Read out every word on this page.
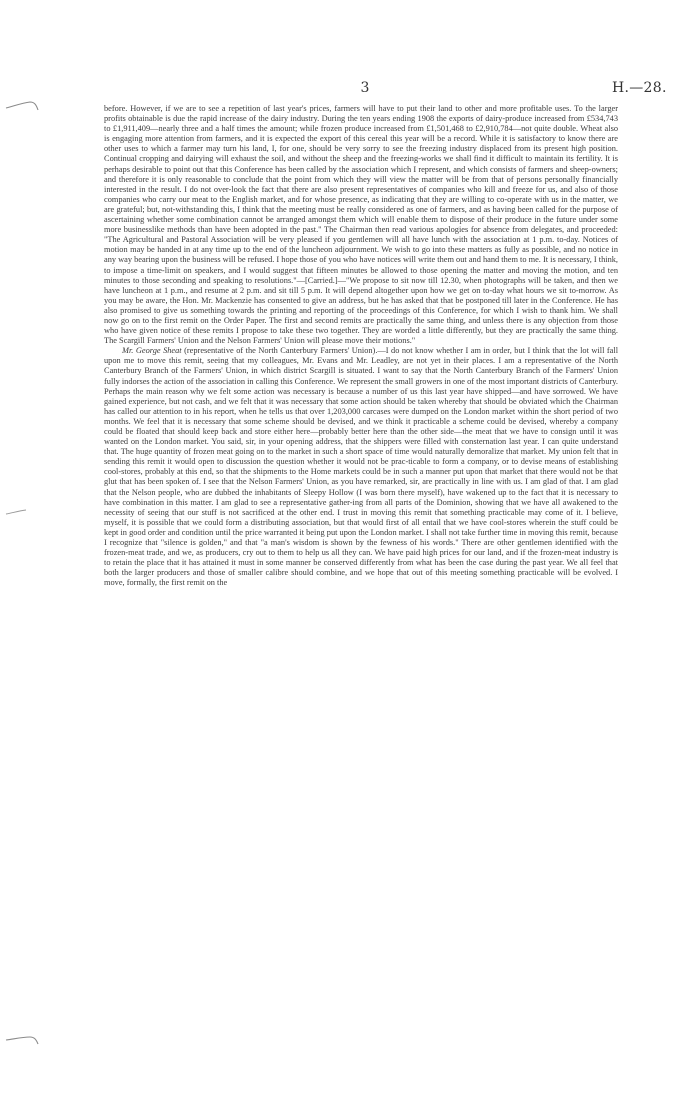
3	H.—28.

before. However, if we are to see a repetition of last year's prices, farmers will have to put their land to other and more profitable uses. To the larger profits obtainable is due the rapid increase of the dairy industry. During the ten years ending 1908 the exports of dairy-produce increased from £534,743 to £1,911,409—nearly three and a half times the amount; while frozen produce increased from £1,501,468 to £2,910,784—not quite double. Wheat also is engaging more attention from farmers, and it is expected the export of this cereal this year will be a record. While it is satisfactory to know there are other uses to which a farmer may turn his land, I, for one, should be very sorry to see the freezing industry displaced from its present high position. Continual cropping and dairying will exhaust the soil, and without the sheep and the freezing-works we shall find it difficult to maintain its fertility. It is perhaps desirable to point out that this Conference has been called by the association which I represent, and which consists of farmers and sheep-owners; and therefore it is only reasonable to conclude that the point from which they will view the matter will be from that of persons personally financially interested in the result. I do not over-look the fact that there are also present representatives of companies who kill and freeze for us, and also of those companies who carry our meat to the English market, and for whose presence, as indicating that they are willing to co-operate with us in the matter, we are grateful; but, not-withstanding this, I think that the meeting must be really considered as one of farmers, and as having been called for the purpose of ascertaining whether some combination cannot be arranged amongst them which will enable them to dispose of their produce in the future under some more businesslike methods than have been adopted in the past." The Chairman then read various apologies for absence from delegates, and proceeded: "The Agricultural and Pastoral Association will be very pleased if you gentlemen will all have lunch with the association at 1 p.m. to-day. Notices of motion may be handed in at any time up to the end of the luncheon adjournment. We wish to go into these matters as fully as possible, and no notice in any way bearing upon the business will be refused. I hope those of you who have notices will write them out and hand them to me. It is necessary, I think, to impose a time-limit on speakers, and I would suggest that fifteen minutes be allowed to those opening the matter and moving the motion, and ten minutes to those seconding and speaking to resolutions."—[Carried.]—"We propose to sit now till 12.30, when photographs will be taken, and then we have luncheon at 1 p.m., and resume at 2 p.m. and sit till 5 p.m. It will depend altogether upon how we get on to-day what hours we sit to-morrow. As you may be aware, the Hon. Mr. Mackenzie has consented to give an address, but he has asked that that be postponed till later in the Conference. He has also promised to give us something towards the printing and reporting of the proceedings of this Conference, for which I wish to thank him. We shall now go on to the first remit on the Order Paper. The first and second remits are practically the same thing, and unless there is any objection from those who have given notice of these remits I propose to take these two together. They are worded a little differently, but they are practically the same thing. The Scargill Farmers' Union and the Nelson Farmers' Union will please move their motions."

Mr. George Sheat (representative of the North Canterbury Farmers' Union).—I do not know whether I am in order, but I think that the lot will fall upon me to move this remit, seeing that my colleagues, Mr. Evans and Mr. Leadley, are not yet in their places. I am a representative of the North Canterbury Branch of the Farmers' Union, in which district Scargill is situated. I want to say that the North Canterbury Branch of the Farmers' Union fully indorses the action of the association in calling this Conference. We represent the small growers in one of the most important districts of Canterbury. Perhaps the main reason why we felt some action was necessary is because a number of us this last year have shipped—and have sorrowed. We have gained experience, but not cash, and we felt that it was necessary that some action should be taken whereby that should be obviated which the Chairman has called our attention to in his report, when he tells us that over 1,203,000 carcases were dumped on the London market within the short period of two months. We feel that it is necessary that some scheme should be devised, and we think it practicable a scheme could be devised, whereby a company could be floated that should keep back and store either here—probably better here than the other side—the meat that we have to consign until it was wanted on the London market. You said, sir, in your opening address, that the shippers were filled with consternation last year. I can quite understand that. The huge quantity of frozen meat going on to the market in such a short space of time would naturally demoralize that market. My union felt that in sending this remit it would open to discussion the question whether it would not be prac-ticable to form a company, or to devise means of establishing cool-stores, probably at this end, so that the shipments to the Home markets could be in such a manner put upon that market that there would not be that glut that has been spoken of. I see that the Nelson Farmers' Union, as you have remarked, sir, are practically in line with us. I am glad of that. I am glad that the Nelson people, who are dubbed the inhabitants of Sleepy Hollow (I was born there myself), have wakened up to the fact that it is necessary to have combination in this matter. I am glad to see a representative gather-ing from all parts of the Dominion, showing that we have all awakened to the necessity of seeing that our stuff is not sacrificed at the other end. I trust in moving this remit that something practicable may come of it. I believe, myself, it is possible that we could form a distributing association, but that would first of all entail that we have cool-stores wherein the stuff could be kept in good order and condition until the price warranted it being put upon the London market. I shall not take further time in moving this remit, because I recognize that "silence is golden," and that "a man's wisdom is shown by the fewness of his words." There are other gentlemen identified with the frozen-meat trade, and we, as producers, cry out to them to help us all they can. We have paid high prices for our land, and if the frozen-meat industry is to retain the place that it has attained it must in some manner be conserved differently from what has been the case during the past year. We all feel that both the larger producers and those of smaller calibre should combine, and we hope that out of this meeting something practicable will be evolved. I move, formally, the first remit on the
